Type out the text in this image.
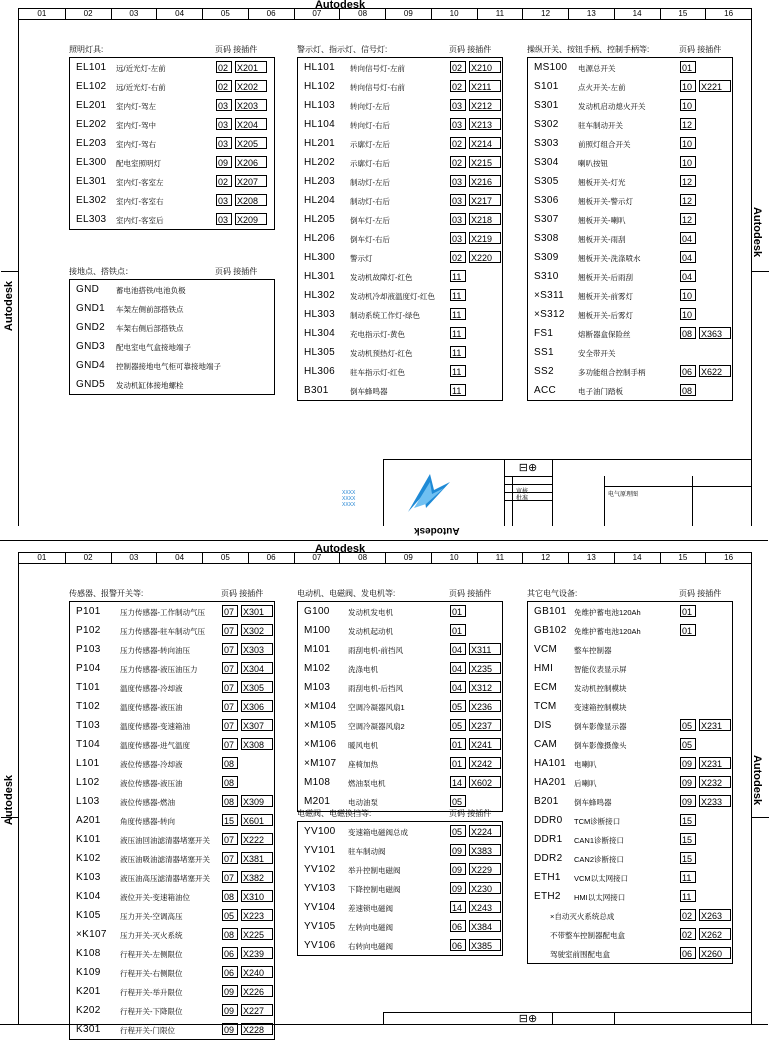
Autodesk
01	02	03	04	05	06	07	08	09	10	11	12	13	14	15	16
照明灯具:	页码 接插件
EL101 远/近光灯-左前	02 X201
EL102 远/近光灯-右前	02 X202
EL201 室内灯-驾左	03 X203
EL202 室内灯-驾中	03 X204
EL203 室内灯-驾右	03 X205
EL300 配电室照明灯	09 X206
EL301 室内灯-客室左	02 X207
EL302 室内灯-客室右	03 X208
EL303 室内灯-客室后	03 X209
接地点、搭铁点：	页码 接插件
GND 蓄电池搭铁/电池负极
GND1 车架左侧前部搭铁点
GND2 车架右侧后部搭铁点
GND3 配电室电气盒接地端子
GND4 控制器接地电气柜可靠接地端子
GND5 发动机缸体接地螺栓
警示灯、指示灯、信号灯:	页码 接插件
HL101 转向信号灯-左前	02 X210
HL102 转向信号灯-右前	02 X211
HL103 转向灯-左后	03 X212
HL104 转向灯-右后	03 X213
HL201 示廓灯-左后	02 X214
HL202 示廓灯-右后	02 X215
HL203 制动灯-左后	03 X216
HL204 制动灯-右后	03 X217
HL205 倒车灯-左后	03 X218
HL206 倒车灯-右后	03 X219
HL300 警示灯	02 X220
HL301 发动机故障灯-红色	11
HL302 发动机冷却液温度灯-红色 11
HL303 制动系统工作灯-绿色	11
HL304 充电指示灯-黄色	11
HL305 发动机预热灯-红色	11
HL306 驻车指示灯-红色	11
B301	倒车蜂鸣器	11
操纵开关、按钮手柄、控制手柄等:	页码 接插件
MS100 电源总开关	01
S101	点火开关-左前	10 X221
S301	发动机启动熄火开关	10
S302	驻车制动开关	12
S303	前照灯组合开关	10
S304	喇叭按钮	10
S305	翘板开关-灯光	12
S306	翘板开关-警示灯	12
S307	翘板开关-喇叭	12
S308	翘板开关-雨刮	04
S309	翘板开关-洗涤喷水	04
S310	翘板开关-后雨刮	04
×S311 翘板开关-前雾灯	10
×S312 翘板开关-后雾灯	10
FS1	熔断器盒保险丝	08 X363
SS1	安全带开关
SS2	多功能组合控制手柄	06 X622
ACC	电子油门踏板	08
XXXX
XXXX
XXXX
Autodesk
⊟⊕
审核
批准
电气原理图
Autodesk
Autodesk
Autodesk
01	02	03	04	05	06	07	08	09	10	11	12	13	14	15	16
传感器、报警开关等:	页码 接插件
P101	压力传感器-工作制动气压 07 X301
P102	压力传感器-驻车制动气压 07 X302
P103	压力传感器-转向油压	07 X303
P104	压力传感器-液压油压力	07 X304
T101	温度传感器-冷却液	07 X305
T102	温度传感器-液压油	07 X306
T103	温度传感器-变速箱油	07 X307
T104	温度传感器-进气温度	07 X308
L101	液位传感器-冷却液	08
L102	液位传感器-液压油	08
L103	液位传感器-燃油	08 X309
A201	角度传感器-转向	15 X601
K101	液压油回油滤清器堵塞开关 07 X222
K102	液压油吸油滤清器堵塞开关 07 X381
K103	液压油高压滤清器堵塞开关 07 X382
K104	液位开关-变速箱油位	08 X310
K105	压力开关-空调高压	05 X223
×K107 压力开关-灭火系统	08 X225
K108	行程开关-左侧限位	06 X239
K109	行程开关-右侧限位	06 X240
K201	行程开关-举升限位	09 X226
K202	行程开关-下降限位	09 X227
K301	行程开关-门限位	09 X228
电动机、电磁阀、发电机等:	页码 接插件
G100 发动机发电机	01
M100 发动机起动机	01
M101 雨刮电机-前挡风	04 X311
M102 洗涤电机	04 X235
M103 雨刮电机-后挡风	04 X312
×M104 空调冷凝器风扇1	05 X236
×M105 空调冷凝器风扇2	05 X237
×M106 暖风电机	01 X241
×M107 座椅加热	01 X242
M108 燃油泵电机	14 X602
M201 电动油泵	05
电磁阀、电磁换挡等:	页码 接插件
YV100 变速箱电磁阀总成	05 X224
YV101 驻车制动阀	09 X383
YV102 举升控制电磁阀	09 X229
YV103 下降控制电磁阀	09 X230
YV104 差速锁电磁阀	14 X243
YV105 左转向电磁阀	06 X384
YV106 右转向电磁阀	06 X385
其它电气设备:	页码 接插件
GB101 免维护蓄电池120Ah	01
GB102 免维护蓄电池120Ah	01
VCM 整车控制器
HMI	智能仪表显示屏
ECM 发动机控制模块
TCM 变速箱控制模块
DIS	倒车影像显示器	05 X231
CAM 倒车影像摄像头	05
HA101 电喇叭	09 X231
HA201 后喇叭	09 X232
B201 倒车蜂鸣器	09 X233
DDR0 TCM诊断接口	15
DDR1 CAN1诊断接口	15
DDR2 CAN2诊断接口	15
ETH1 VCM以太网接口	11
ETH2 HMI以太网接口	11
×自动灭火系统总成	02 X263
不带整车控制器配电盒	02 X262
驾驶室前围配电盒	06 X260
⊟⊕
Autodesk	Autodesk
